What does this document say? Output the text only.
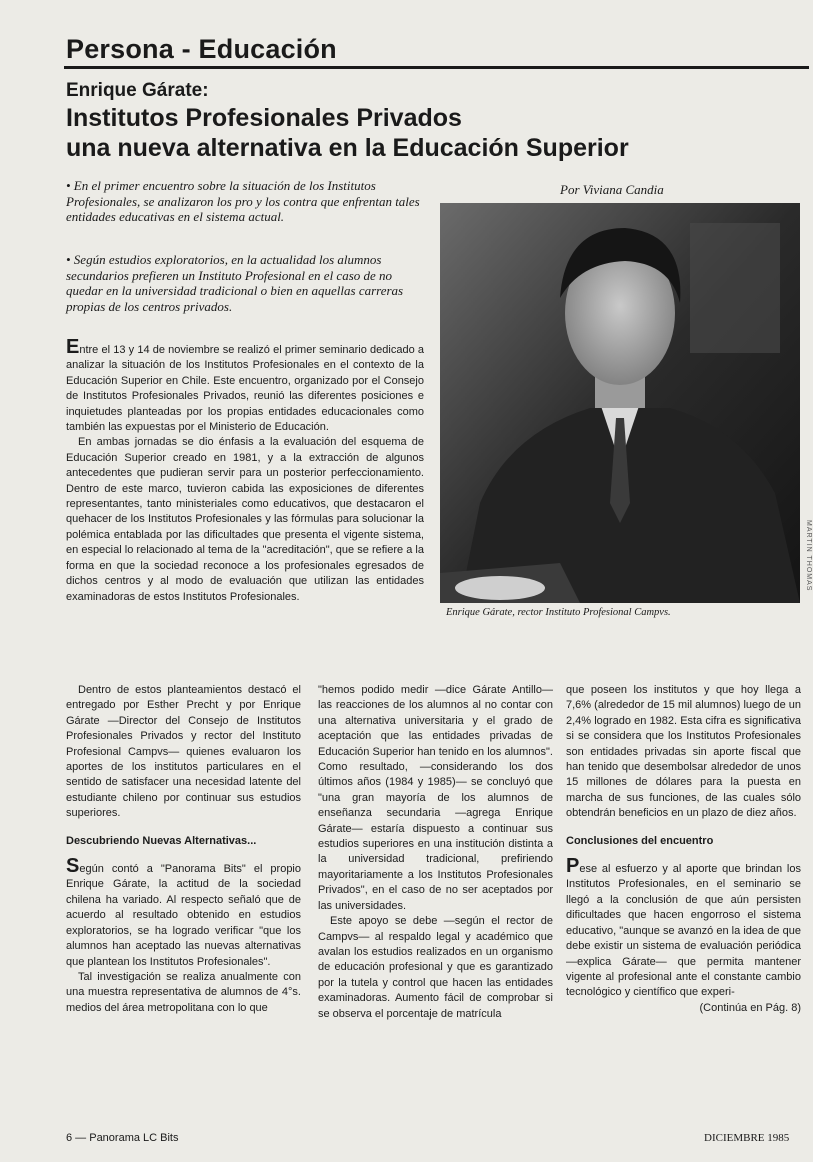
Persona - Educación
Enrique Gárate:
Institutos Profesionales Privados
una nueva alternativa en la Educación Superior

• En el primer encuentro sobre la situación de los Institutos Profesionales, se analizaron los pro y los contra que enfrentan tales entidades educativas en el sistema actual.

• Según estudios exploratorios, en la actualidad los alumnos secundarios prefieren un Instituto Profesional en el caso de no quedar en la universidad tradicional o bien en aquellas carreras propias de los centros privados.

Por Viviana Candia
MARTIN THOMAS
Enrique Gárate, rector Instituto Profesional Campvs.

Entre el 13 y 14 de noviembre se realizó el primer seminario dedicado a analizar la situación de los Institutos Profesionales en el contexto de la Educación Superior en Chile. Este encuentro, organizado por el Consejo de Institutos Profesionales Privados, reunió las diferentes posiciones e inquietudes planteadas por los propias entidades educacionales como también las expuestas por el Ministerio de Educación.

En ambas jornadas se dio énfasis a la evaluación del esquema de Educación Superior creado en 1981, y a la extracción de algunos antecedentes que pudieran servir para un posterior perfeccionamiento. Dentro de este marco, tuvieron cabida las exposiciones de diferentes representantes, tanto ministeriales como educativos, que destacaron el quehacer de los Institutos Profesionales y las fórmulas para solucionar la polémica entablada por las dificultades que presenta el vigente sistema, en especial lo relacionado al tema de la "acreditación", que se refiere a la forma en que la sociedad reconoce a los profesionales egresados de dichos centros y al modo de evaluación que utilizan las entidades examinadoras de estos Institutos Profesionales.

Dentro de estos planteamientos destacó el entregado por Esther Precht y por Enrique Gárate —Director del Consejo de Institutos Profesionales Privados y rector del Instituto Profesional Campvs— quienes evaluaron los aportes de los institutos particulares en el sentido de satisfacer una necesidad latente del estudiante chileno por continuar sus estudios superiores.

Descubriendo Nuevas Alternativas...

Según contó a "Panorama Bits" el propio Enrique Gárate, la actitud de la sociedad chilena ha variado. Al respecto señaló que de acuerdo al resultado obtenido en estudios exploratorios, se ha logrado verificar "que los alumnos han aceptado las nuevas alternativas que plantean los Institutos Profesionales".

Tal investigación se realiza anualmente con una muestra representativa de alumnos de 4°s. medios del área metropolitana con lo que

"hemos podido medir —dice Gárate Antillo— las reacciones de los alumnos al no contar con una alternativa universitaria y el grado de aceptación que las entidades privadas de Educación Superior han tenido en los alumnos". Como resultado, —considerando los dos últimos años (1984 y 1985)— se concluyó que "una gran mayoría de los alumnos de enseñanza secundaria —agrega Enrique Gárate— estaría dispuesto a continuar sus estudios superiores en una institución distinta a la universidad tradicional, prefiriendo mayoritariamente a los Institutos Profesionales Privados", en el caso de no ser aceptados por las universidades.

Este apoyo se debe —según el rector de Campvs— al respaldo legal y académico que avalan los estudios realizados en un organismo de educación profesional y que es garantizado por la tutela y control que hacen las entidades examinadoras. Aumento fácil de comprobar si se observa el porcentaje de matrícula

que poseen los institutos y que hoy llega a 7,6% (alrededor de 15 mil alumnos) luego de un 2,4% logrado en 1982. Esta cifra es significativa si se considera que los Institutos Profesionales son entidades privadas sin aporte fiscal que han tenido que desembolsar alrededor de unos 15 millones de dólares para la puesta en marcha de sus funciones, de las cuales sólo obtendrán beneficios en un plazo de diez años.

Conclusiones del encuentro

Pese al esfuerzo y al aporte que brindan los Institutos Profesionales, en el seminario se llegó a la conclusión de que aún persisten dificultades que hacen engorroso el sistema educativo, "aunque se avanzó en la idea de que debe existir un sistema de evaluación periódica —explica Gárate— que permita mantener vigente al profesional ante el constante cambio tecnológico y científico que experi-

(Continúa en Pág. 8)

6 — Panorama LC Bits	DICIEMBRE 1985
